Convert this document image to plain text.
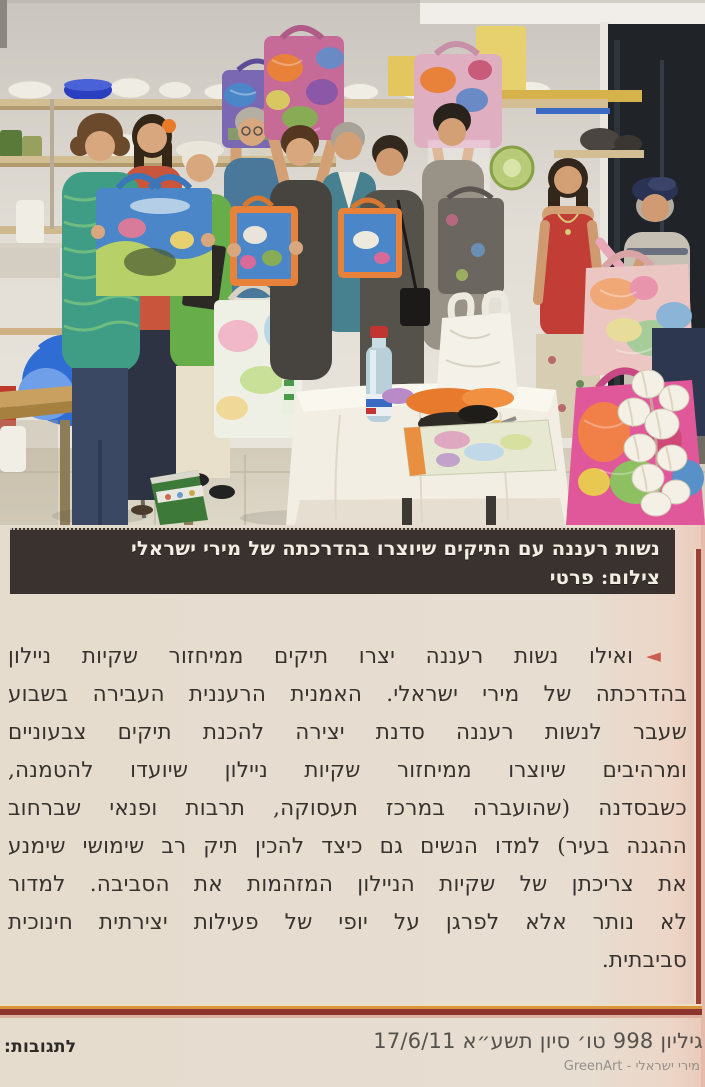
נשות רעננה עם התיקים שיוצרו בהדרכתה של מירי ישראלי
צילום: פרטי
◄ואילו נשות רעננה יצרו תיקים ממיחזור שקיות ניילון
בהדרכתה של מירי ישראלי. האמנית הרעננית העבירה בשבוע
שעבר לנשות רעננה סדנת יצירה להכנת תיקים צבעוניים
ומרהיבים שיוצרו ממיחזור שקיות ניילון שיועדו להטמנה,
כשבסדנה (שהועברה במרכז תעסוקה, תרבות ופנאי שברחוב
ההגנה בעיר) למדו הנשים גם כיצד להכין תיק רב שימושי שימנע
את צריכתן של שקיות הניילון המזהמות את הסביבה. למדור
לא נותר אלא לפרגן על יופי של פעילות יצירתית חינוכית
סביבתית.
לתגובות:	גיליון 998 טו׳ סיון תשע״א 17/6/11
מירי ישראלי - GreenArt
